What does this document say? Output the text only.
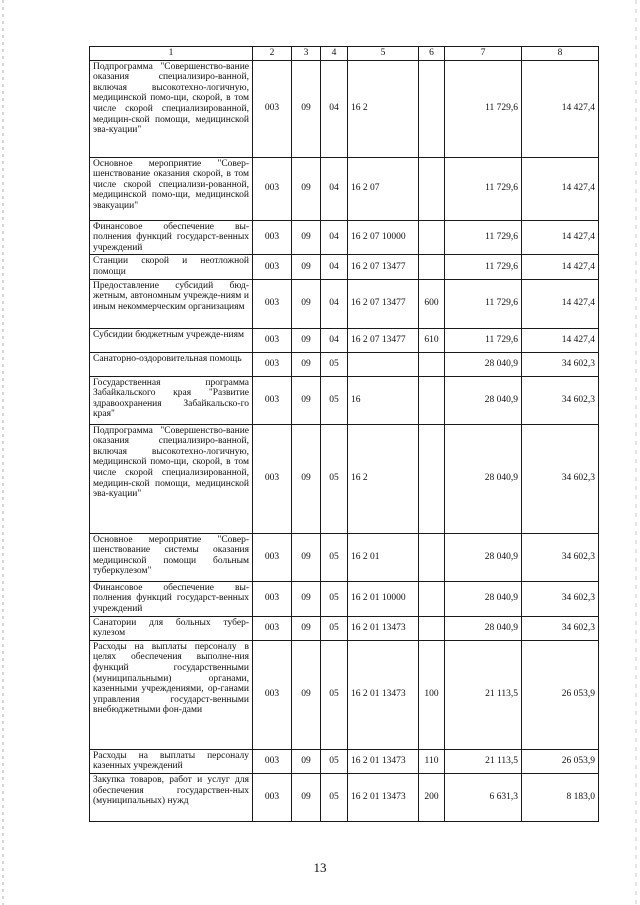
1	2	3	4	5	6	7	8
Подпрограмма "Совершенство-вание оказания специализиро-ванной, включая высокотехно-логичную, медицинской помо-щи, скорой, в том числе скорой специализированной, медицин-ской помощи, медицинской эва-куации"	003	09	04	16 2		11 729,6	14 427,4
Основное мероприятие "Совер-шенствование оказания скорой, в том числе скорой специализи-рованной, медицинской помо-щи, медицинской эвакуации"	003	09	04	16 2 07		11 729,6	14 427,4
Финансовое обеспечение вы-полнения функций государст-венных учреждений	003	09	04	16 2 07 10000		11 729,6	14 427,4
Станции скорой и неотложной помощи	003	09	04	16 2 07 13477		11 729,6	14 427,4
Предоставление субсидий бюд-жетным, автономным учрежде-ниям и иным некоммерческим организациям	003	09	04	16 2 07 13477	600	11 729,6	14 427,4
Субсидии бюджетным учрежде-ниям	003	09	04	16 2 07 13477	610	11 729,6	14 427,4
Санаторно-оздоровительная помощь	003	09	05			28 040,9	34 602,3
Государственная программа Забайкальского края "Развитие здравоохранения Забайкальско-го края"	003	09	05	16		28 040,9	34 602,3
Подпрограмма "Совершенство-вание оказания специализиро-ванной, включая высокотехно-логичную, медицинской помо-щи, скорой, в том числе скорой специализированной, медицин-ской помощи, медицинской эва-куации"	003	09	05	16 2		28 040,9	34 602,3
Основное мероприятие "Совер-шенствование системы оказания медицинской помощи больным туберкулезом"	003	09	05	16 2 01		28 040,9	34 602,3
Финансовое обеспечение вы-полнения функций государст-венных учреждений	003	09	05	16 2 01 10000		28 040,9	34 602,3
Санатории для больных тубер-кулезом	003	09	05	16 2 01 13473		28 040,9	34 602,3
Расходы на выплаты персоналу в целях обеспечения выполне-ния функций государственными (муниципальными) органами, казенными учреждениями, ор-ганами управления государст-венными внебюджетными фон-дами	003	09	05	16 2 01 13473	100	21 113,5	26 053,9
Расходы на выплаты персоналу казенных учреждений	003	09	05	16 2 01 13473	110	21 113,5	26 053,9
Закупка товаров, работ и услуг для обеспечения государствен-ных (муниципальных) нужд	003	09	05	16 2 01 13473	200	6 631,3	8 183,0
13
